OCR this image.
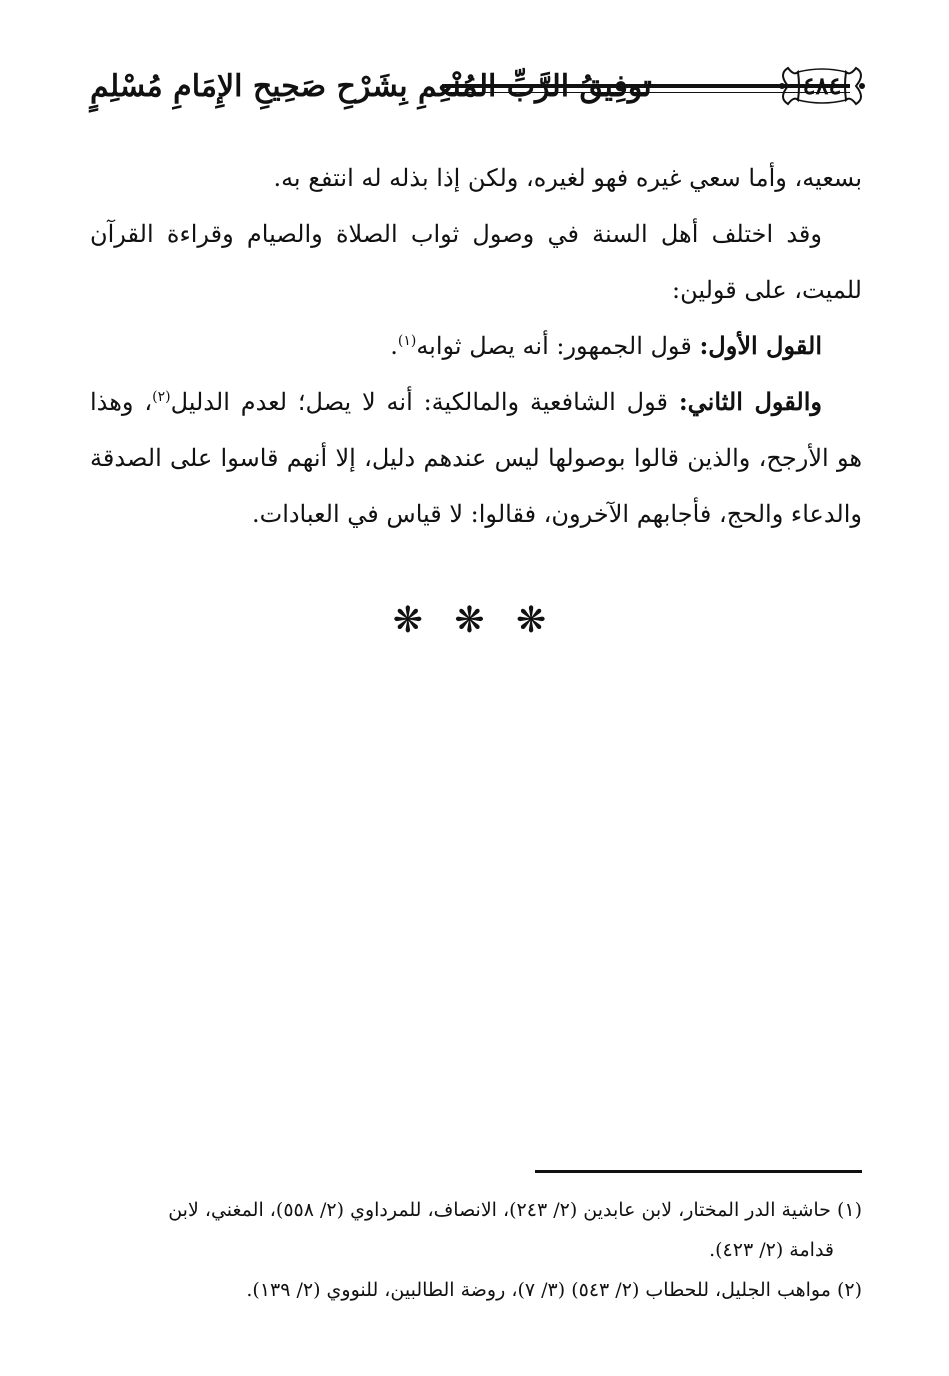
توفِيقُ الرَّبِّ المُنْعِمِ بِشَرْحِ صَحِيحِ الإِمَامِ مُسْلِمٍ	٤٨٤

بسعيه، وأما سعي غيره فهو لغيره، ولكن إذا بذله له انتفع به.

وقد اختلف أهل السنة في وصول ثواب الصلاة والصيام وقراءة القرآن للميت، على قولين:

القول الأول: قول الجمهور: أنه يصل ثوابه$^{(١)}$.

والقول الثاني: قول الشافعية والمالكية: أنه لا يصل؛ لعدم الدليل$^{(٢)}$، وهذا هو الأرجح، والذين قالوا بوصولها ليس عندهم دليل، إلا أنهم قاسوا على الصدقة والدعاء والحج، فأجابهم الآخرون، فقالوا: لا قياس في العبادات.

❋ ❋ ❋

(١) حاشية الدر المختار، لابن عابدين (٢/ ٢٤٣)، الانصاف، للمرداوي (٢/ ٥٥٨)، المغني، لابن

قدامة (٢/ ٤٢٣).

(٢) مواهب الجليل، للحطاب (٢/ ٥٤٣) (٣/ ٧)، روضة الطالبين، للنووي (٢/ ١٣٩).
